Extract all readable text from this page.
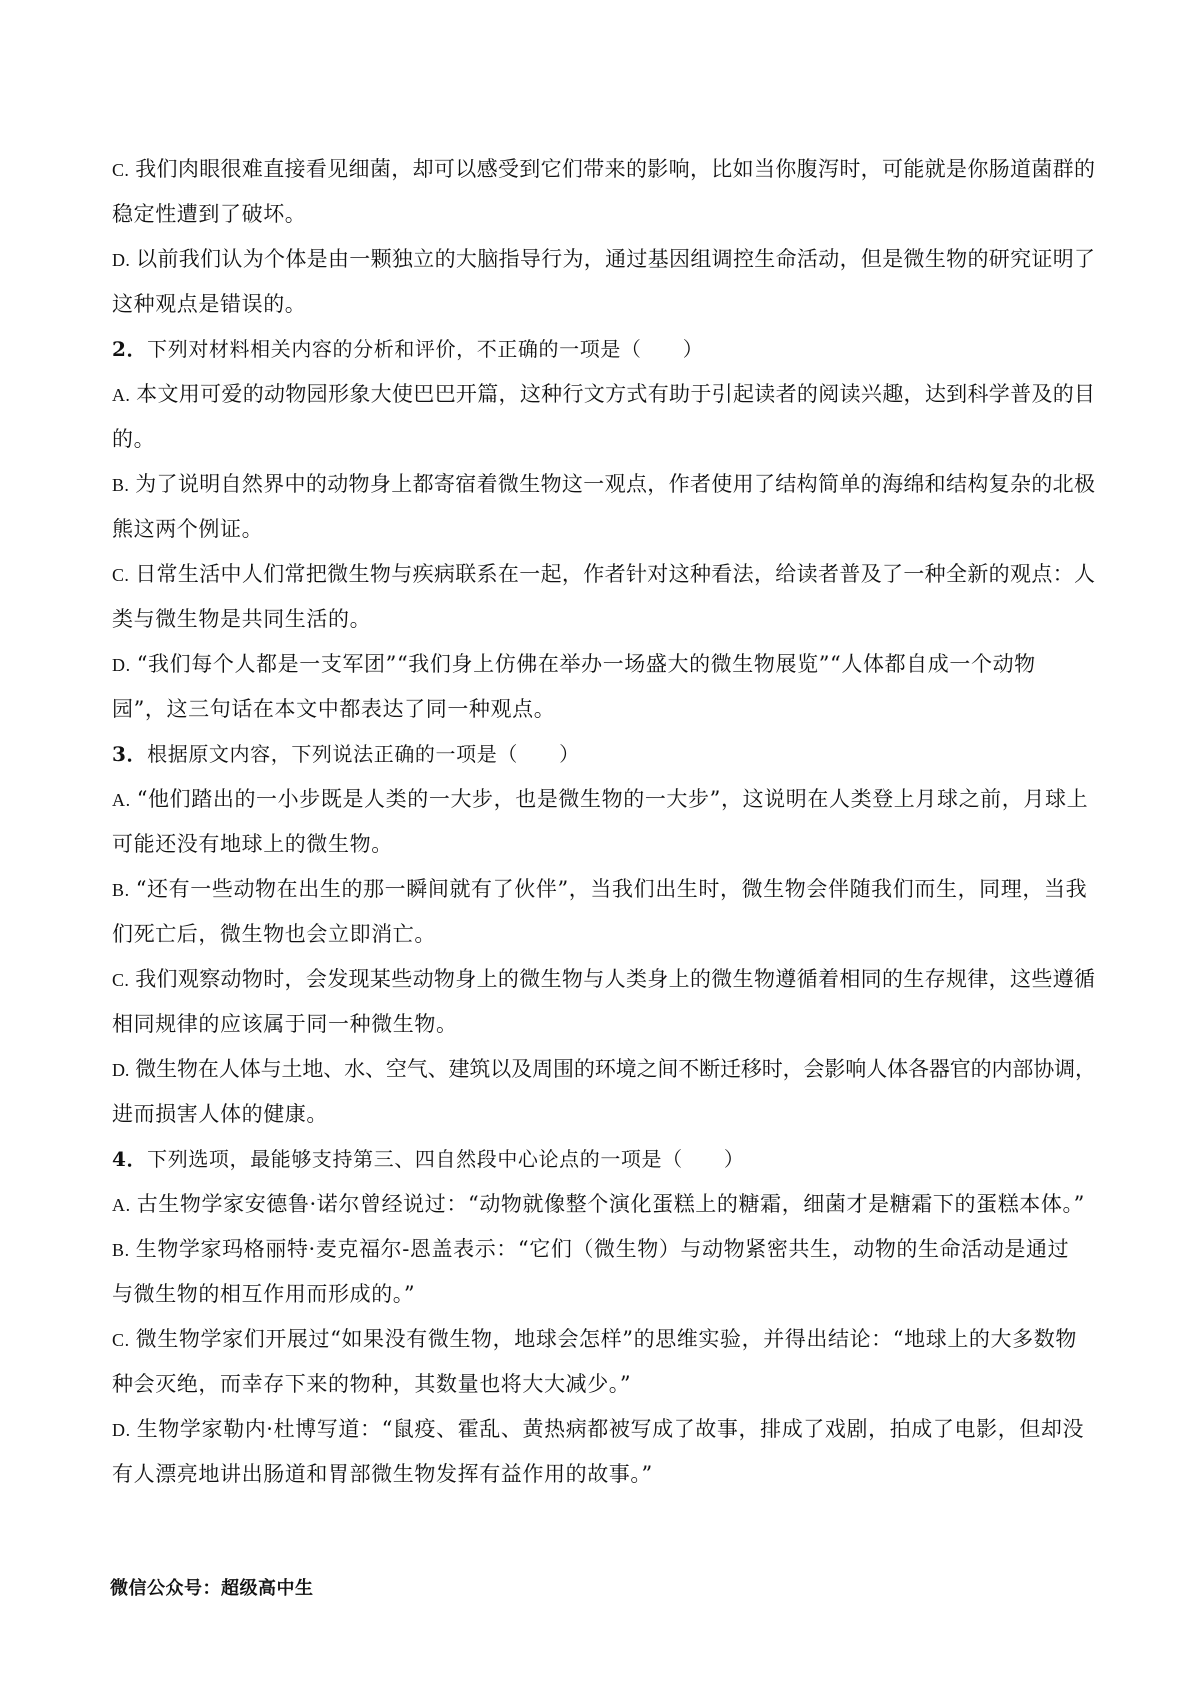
C. 我们肉眼很难直接看见细菌，却可以感受到它们带来的影响，比如当你腹泻时，可能就是你肠道菌群的
稳定性遭到了破坏。
D. 以前我们认为个体是由一颗独立的大脑指导行为，通过基因组调控生命活动，但是微生物的研究证明了
这种观点是错误的。
2．下列对材料相关内容的分析和评价，不正确的一项是（　　）
A. 本文用可爱的动物园形象大使巴巴开篇，这种行文方式有助于引起读者的阅读兴趣，达到科学普及的目
的。
B. 为了说明自然界中的动物身上都寄宿着微生物这一观点，作者使用了结构简单的海绵和结构复杂的北极
熊这两个例证。
C. 日常生活中人们常把微生物与疾病联系在一起，作者针对这种看法，给读者普及了一种全新的观点：人
类与微生物是共同生活的。
D. “我们每个人都是一支军团”“我们身上仿佛在举办一场盛大的微生物展览”“人体都自成一个动物
园”，这三句话在本文中都表达了同一种观点。
3．根据原文内容，下列说法正确的一项是（　　）
A. “他们踏出的一小步既是人类的一大步，也是微生物的一大步”，这说明在人类登上月球之前，月球上
可能还没有地球上的微生物。
B. “还有一些动物在出生的那一瞬间就有了伙伴”，当我们出生时，微生物会伴随我们而生，同理，当我
们死亡后，微生物也会立即消亡。
C. 我们观察动物时，会发现某些动物身上的微生物与人类身上的微生物遵循着相同的生存规律，这些遵循
相同规律的应该属于同一种微生物。
D. 微生物在人体与土地、水、空气、建筑以及周围的环境之间不断迁移时，会影响人体各器官的内部协调，
进而损害人体的健康。
4．下列选项，最能够支持第三、四自然段中心论点的一项是（　　）
A. 古生物学家安德鲁·诺尔曾经说过：“动物就像整个演化蛋糕上的糖霜，细菌才是糖霜下的蛋糕本体。”
B. 生物学家玛格丽特·麦克福尔-恩盖表示：“它们（微生物）与动物紧密共生，动物的生命活动是通过
与微生物的相互作用而形成的。”
C. 微生物学家们开展过“如果没有微生物，地球会怎样”的思维实验，并得出结论：“地球上的大多数物
种会灭绝，而幸存下来的物种，其数量也将大大减少。”
D. 生物学家勒内·杜博写道：“鼠疫、霍乱、黄热病都被写成了故事，排成了戏剧，拍成了电影，但却没
有人漂亮地讲出肠道和胃部微生物发挥有益作用的故事。”
微信公众号：超级高中生
